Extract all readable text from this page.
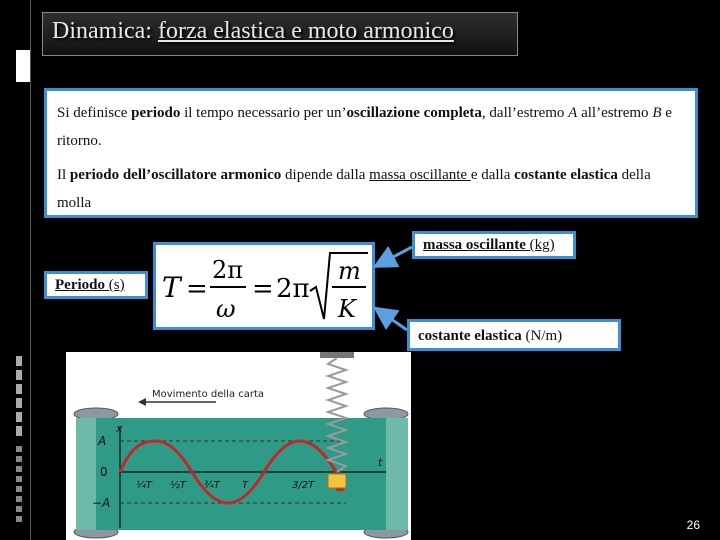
Dinamica: forza elastica e moto armonico

Si definisce periodo il tempo necessario per un’oscillazione completa, dall’estremo A all’estremo B e ritorno.

Il periodo dell’oscillatore armonico dipende dalla massa oscillante e dalla costante elastica della molla

T =
2π
ω
= 2π
m
K
massa oscillante (kg)
Periodo (s)
costante elastica (N/m)
Movimento della carta
x
t
A
0
−A
¼T ½T ¾T T	3/2T
26
